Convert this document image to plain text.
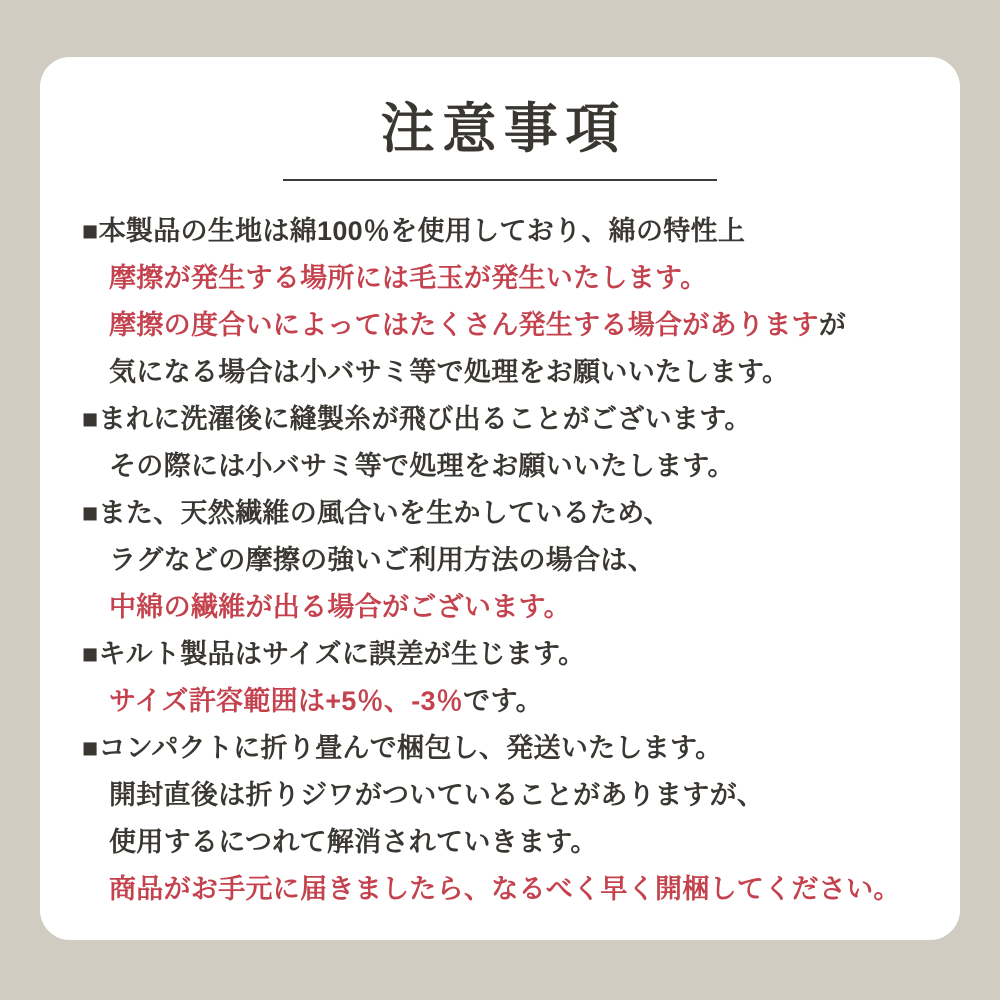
注意事項
■本製品の生地は綿100％を使用しており、綿の特性上
摩擦が発生する場所には毛玉が発生いたします。
摩擦の度合いによってはたくさん発生する場合がありますが
気になる場合は小バサミ等で処理をお願いいたします。
■まれに洗濯後に縫製糸が飛び出ることがございます。
その際には小バサミ等で処理をお願いいたします。
■また、天然繊維の風合いを生かしているため、
ラグなどの摩擦の強いご利用方法の場合は、
中綿の繊維が出る場合がございます。
■キルト製品はサイズに誤差が生じます。
サイズ許容範囲は+5％、-3％です。
■コンパクトに折り畳んで梱包し、発送いたします。
開封直後は折りジワがついていることがありますが、
使用するにつれて解消されていきます。
商品がお手元に届きましたら、なるべく早く開梱してください。
